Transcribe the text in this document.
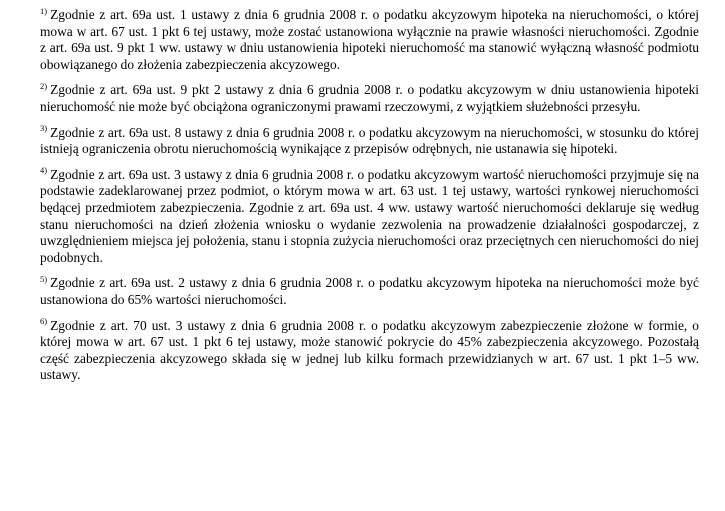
$^{1)}$ Zgodnie z art. 69a ust. 1 ustawy z dnia 6 grudnia 2008 r. o podatku akcyzowym hipoteka na nieruchomości, o której mowa w art. 67 ust. 1 pkt 6 tej ustawy, może zostać ustanowiona wyłącznie na prawie własności nieruchomości. Zgodnie z art. 69a ust. 9 pkt 1 ww. ustawy w dniu ustanowienia hipoteki nieruchomość ma stanowić wyłączną własność podmiotu obowiązanego do złożenia zabezpieczenia akcyzowego.

$^{2)}$ Zgodnie z art. 69a ust. 9 pkt 2 ustawy z dnia 6 grudnia 2008 r. o podatku akcyzowym w dniu ustanowienia hipoteki nieruchomość nie może być obciążona ograniczonymi prawami rzeczowymi, z wyjątkiem służebności przesyłu.

$^{3)}$ Zgodnie z art. 69a ust. 8 ustawy z dnia 6 grudnia 2008 r. o podatku akcyzowym na nieruchomości, w stosunku do której istnieją ograniczenia obrotu nieruchomością wynikające z przepisów odrębnych, nie ustanawia się hipoteki.

$^{4)}$ Zgodnie z art. 69a ust. 3 ustawy z dnia 6 grudnia 2008 r. o podatku akcyzowym wartość nieruchomości przyjmuje się na podstawie zadeklarowanej przez podmiot, o którym mowa w art. 63 ust. 1 tej ustawy, wartości rynkowej nieruchomości będącej przedmiotem zabezpieczenia. Zgodnie z art. 69a ust. 4 ww. ustawy wartość nieruchomości deklaruje się według stanu nieruchomości na dzień złożenia wniosku o wydanie zezwolenia na prowadzenie działalności gospodarczej, z uwzględnieniem miejsca jej położenia, stanu i stopnia zużycia nieruchomości oraz przeciętnych cen nieruchomości do niej podobnych.

$^{5)}$ Zgodnie z art. 69a ust. 2 ustawy z dnia 6 grudnia 2008 r. o podatku akcyzowym hipoteka na nieruchomości może być ustanowiona do 65% wartości nieruchomości.

$^{6)}$ Zgodnie z art. 70 ust. 3 ustawy z dnia 6 grudnia 2008 r. o podatku akcyzowym zabezpieczenie złożone w formie, o której mowa w art. 67 ust. 1 pkt 6 tej ustawy, może stanowić pokrycie do 45% zabezpieczenia akcyzowego. Pozostałą część zabezpieczenia akcyzowego składa się w jednej lub kilku formach przewidzianych w art. 67 ust. 1 pkt 1–5 ww. ustawy.
